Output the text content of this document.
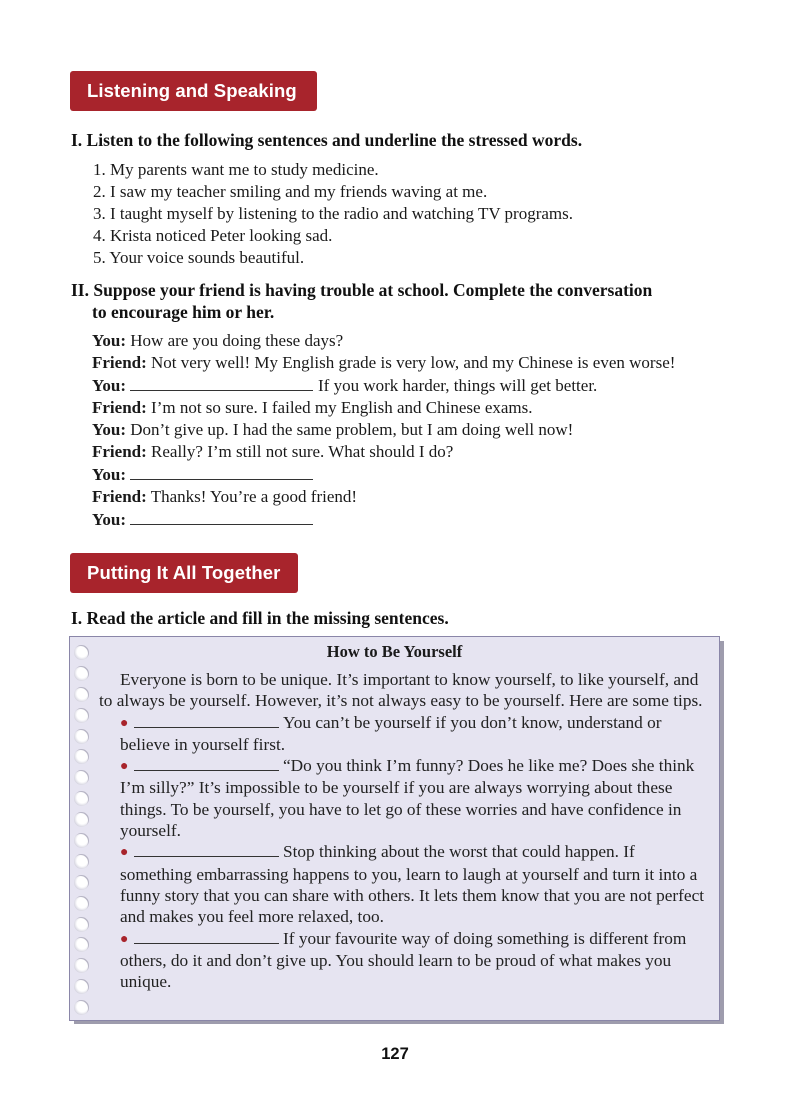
Listening and Speaking
I. Listen to the following sentences and underline the stressed words.
1. My parents want me to study medicine.
2. I saw my teacher smiling and my friends waving at me.
3. I taught myself by listening to the radio and watching TV programs.
4. Krista noticed Peter looking sad.
5. Your voice sounds beautiful.
II. Suppose your friend is having trouble at school. Complete the conversation
to encourage him or her.
You: How are you doing these days?
Friend: Not very well! My English grade is very low, and my Chinese is even worse!
You:	If you work harder, things will get better.
Friend: I’m not so sure. I failed my English and Chinese exams.
You: Don’t give up. I had the same problem, but I am doing well now!
Friend: Really? I’m still not sure. What should I do?
You:
Friend: Thanks! You’re a good friend!
You:
Putting It All Together
I. Read the article and fill in the missing sentences.
How to Be Yourself

Everyone is born to be unique. It’s important to know yourself, to like yourself, and to always be yourself. However, it’s not always easy to be yourself. Here are some tips.

●	You can’t be yourself if you don’t know, understand or believe in yourself first.

●	“Do you think I’m funny? Does he like me? Does she think I’m silly?” It’s impossible to be yourself if you are always worrying about these things. To be yourself, you have to let go of these worries and have confidence in yourself.

●	Stop thinking about the worst that could happen. If something embarrassing happens to you, learn to laugh at yourself and turn it into a funny story that you can share with others. It lets them know that you are not perfect and makes you feel more relaxed, too.

●	If your favourite way of doing something is different from others, do it and don’t give up. You should learn to be proud of what makes you unique.

127
